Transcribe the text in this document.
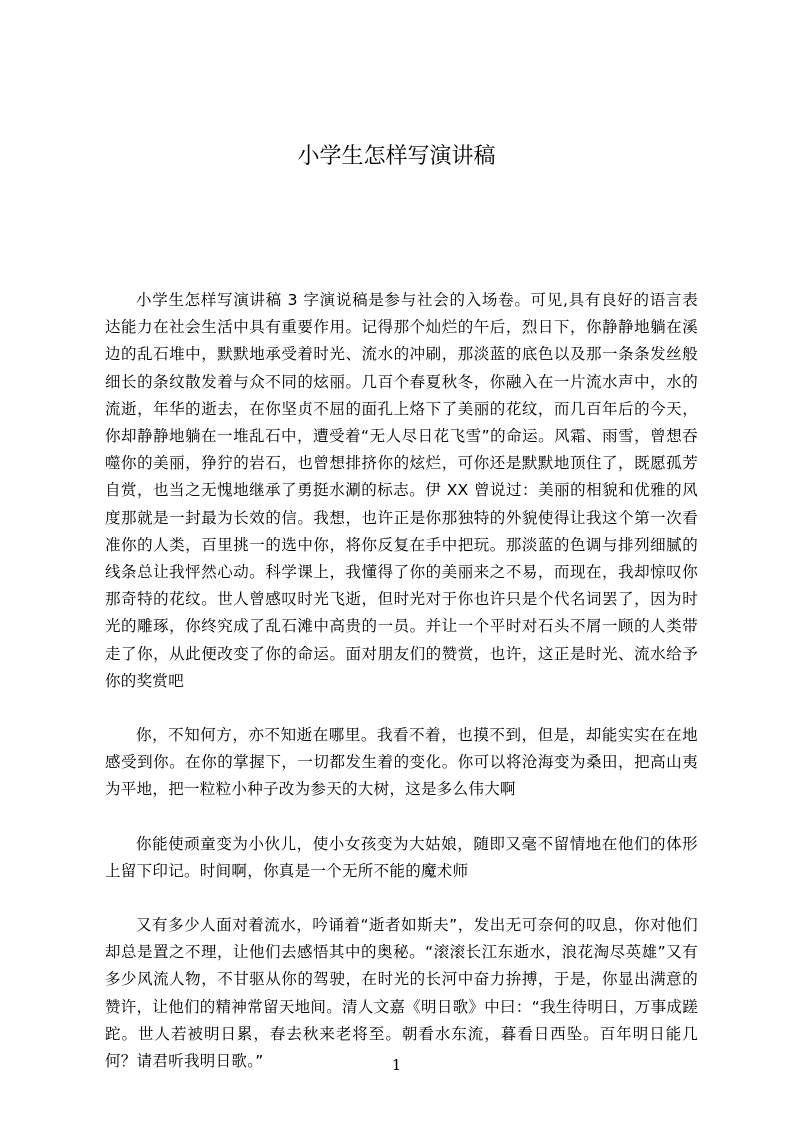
小学生怎样写演讲稿

小学生怎样写演讲稿 3 字演说稿是参与社会的入场卷。可见,具有良好的语言表达能力在社会生活中具有重要作用。记得那个灿烂的午后，烈日下，你静静地躺在溪边的乱石堆中，默默地承受着时光、流水的冲刷，那淡蓝的底色以及那一条条发丝般细长的条纹散发着与众不同的炫丽。几百个春夏秋冬，你融入在一片流水声中，水的流逝，年华的逝去，在你坚贞不屈的面孔上烙下了美丽的花纹，而几百年后的今天，你却静静地躺在一堆乱石中，遭受着“无人尽日花飞雪”的命运。风霜、雨雪，曾想吞噬你的美丽，狰狞的岩石，也曾想排挤你的炫烂，可你还是默默地顶住了，既愿孤芳自赏，也当之无愧地继承了勇挺水涮的标志。伊 XX 曾说过：美丽的相貌和优雅的风度那就是一封最为长效的信。我想，也许正是你那独特的外貌使得让我这个第一次看准你的人类，百里挑一的选中你，将你反复在手中把玩。那淡蓝的色调与排列细腻的线条总让我怦然心动。科学课上，我懂得了你的美丽来之不易，而现在，我却惊叹你那奇特的花纹。世人曾感叹时光飞逝，但时光对于你也许只是个代名词罢了，因为时光的雕琢，你终究成了乱石滩中高贵的一员。并让一个平时对石头不屑一顾的人类带走了你，从此便改变了你的命运。面对朋友们的赞赏，也许，这正是时光、流水给予你的奖赏吧

你，不知何方，亦不知逝在哪里。我看不着，也摸不到，但是，却能实实在在地感受到你。在你的掌握下，一切都发生着的变化。你可以将沧海变为桑田，把高山夷为平地，把一粒粒小种子改为参天的大树，这是多么伟大啊

你能使顽童变为小伙儿，使小女孩变为大姑娘，随即又毫不留情地在他们的体形上留下印记。时间啊，你真是一个无所不能的魔术师

又有多少人面对着流水，吟诵着“逝者如斯夫”，发出无可奈何的叹息，你对他们却总是置之不理，让他们去感悟其中的奥秘。“滚滚长江东逝水，浪花淘尽英雄”又有多少风流人物，不甘驱从你的驾驶，在时光的长河中奋力拚搏，于是，你显出满意的赞许，让他们的精神常留天地间。清人文嘉《明日歌》中曰：“我生待明日，万事成蹉跎。世人若被明日累，春去秋来老将至。朝看水东流，暮看日西坠。百年明日能几何？请君听我明日歌。”	1
